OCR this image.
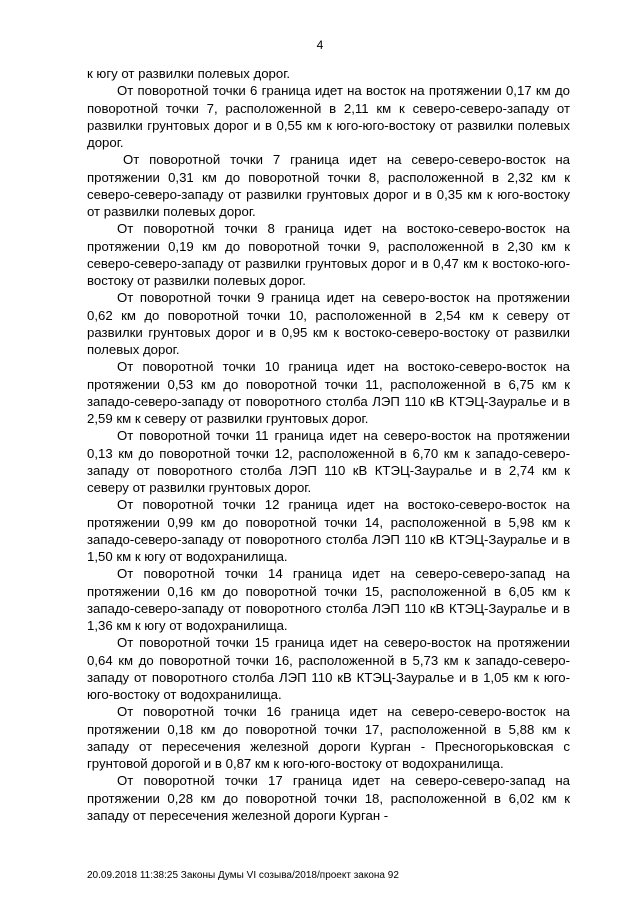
4

к югу от развилки полевых дорог.

От поворотной точки 6 граница идет на восток на протяжении 0,17 км до поворотной точки 7, расположенной в 2,11 км к северо-северо-западу от развилки грунтовых дорог и в 0,55 км к юго-юго-востоку от развилки полевых дорог.

От поворотной точки 7 граница идет на северо-северо-восток на протяжении 0,31 км до поворотной точки 8, расположенной в 2,32 км к северо-северо-западу от развилки грунтовых дорог и в 0,35 км к юго-востоку от развилки полевых дорог.

От поворотной точки 8 граница идет на востоко-северо-восток на протяжении 0,19 км до поворотной точки 9, расположенной в 2,30 км к северо-северо-западу от развилки грунтовых дорог и в 0,47 км к востоко-юго-востоку от развилки полевых дорог.

От поворотной точки 9 граница идет на северо-восток на протяжении 0,62 км до поворотной точки 10, расположенной в 2,54 км к северу от развилки грунтовых дорог и в 0,95 км к востоко-северо-востоку от развилки полевых дорог.

От поворотной точки 10 граница идет на востоко-северо-восток на протяжении 0,53 км до поворотной точки 11, расположенной в 6,75 км к западо-северо-западу от поворотного столба ЛЭП 110 кВ КТЭЦ-Зауралье и в 2,59 км к северу от развилки грунтовых дорог.

От поворотной точки 11 граница идет на северо-восток на протяжении 0,13 км до поворотной точки 12, расположенной в 6,70 км к западо-северо-западу от поворотного столба ЛЭП 110 кВ КТЭЦ-Зауралье и в 2,74 км к северу от развилки грунтовых дорог.

От поворотной точки 12 граница идет на востоко-северо-восток на протяжении 0,99 км до поворотной точки 14, расположенной в 5,98 км к западо-северо-западу от поворотного столба ЛЭП 110 кВ КТЭЦ-Зауралье и в 1,50 км к югу от водохранилища.

От поворотной точки 14 граница идет на северо-северо-запад на протяжении 0,16 км до поворотной точки 15, расположенной в 6,05 км к западо-северо-западу от поворотного столба ЛЭП 110 кВ КТЭЦ-Зауралье и в 1,36 км к югу от водохранилища.

От поворотной точки 15 граница идет на северо-восток на протяжении 0,64 км до поворотной точки 16, расположенной в 5,73 км к западо-северо-западу от поворотного столба ЛЭП 110 кВ КТЭЦ-Зауралье и в 1,05 км к юго-юго-востоку от водохранилища.

От поворотной точки 16 граница идет на северо-северо-восток на протяжении 0,18 км до поворотной точки 17, расположенной в 5,88 км к западу от пересечения железной дороги Курган - Пресногорьковская с грунтовой дорогой и в 0,87 км к юго-юго-востоку от водохранилища.

От поворотной точки 17 граница идет на северо-северо-запад на протяжении 0,28 км до поворотной точки 18, расположенной в 6,02 км к западу от пересечения железной дороги Курган -

20.09.2018 11:38:25 Законы Думы VI созыва/2018/проект закона 92
